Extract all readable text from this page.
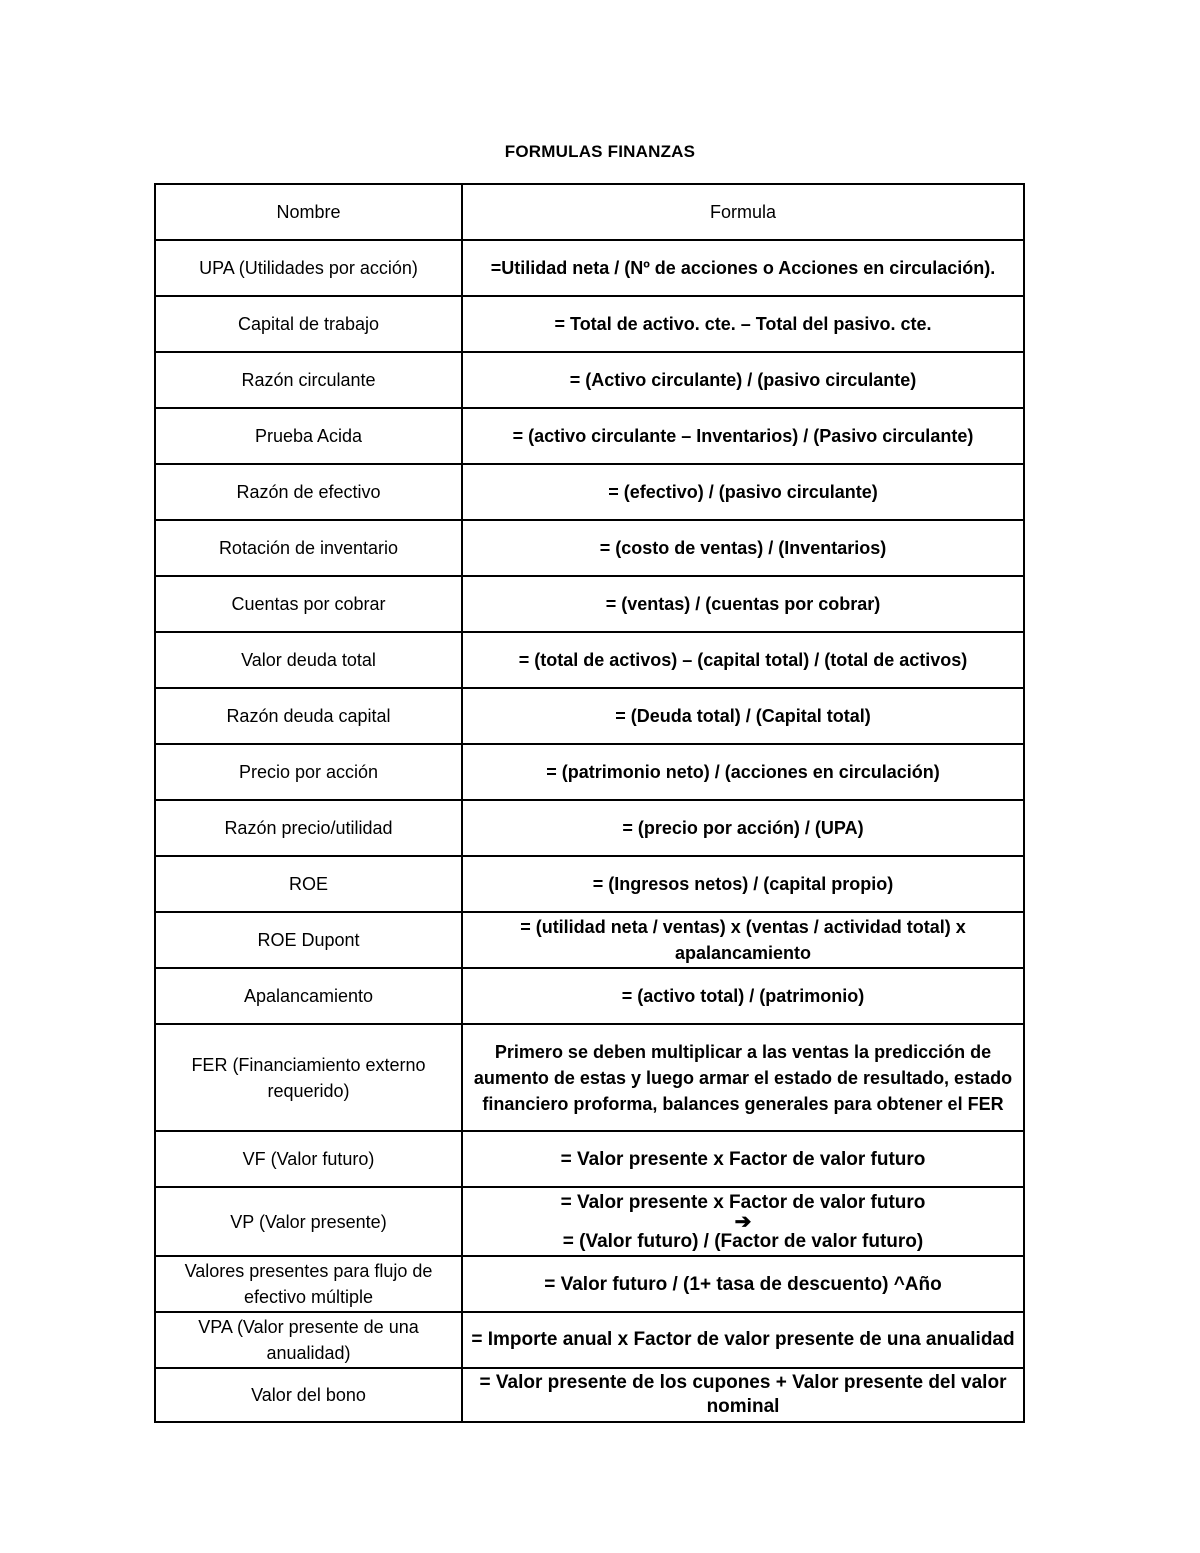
FORMULAS FINANZAS
Nombre	Formula
UPA (Utilidades por acción)	=Utilidad neta / (Nº de acciones o Acciones en circulación).
Capital de trabajo	= Total de activo. cte. – Total del pasivo. cte.
Razón circulante	= (Activo circulante) / (pasivo circulante)
Prueba Acida	= (activo circulante – Inventarios) / (Pasivo circulante)
Razón de efectivo	= (efectivo) / (pasivo circulante)
Rotación de inventario	= (costo de ventas) / (Inventarios)
Cuentas por cobrar	= (ventas) / (cuentas por cobrar)
Valor deuda total	= (total de activos) – (capital total) / (total de activos)
Razón deuda capital	= (Deuda total) / (Capital total)
Precio por acción	= (patrimonio neto) / (acciones en circulación)
Razón precio/utilidad	= (precio por acción) / (UPA)
ROE	= (Ingresos netos) / (capital propio)
ROE Dupont	= (utilidad neta / ventas) x (ventas / actividad total) x apalancamiento
Apalancamiento	= (activo total) / (patrimonio)
FER (Financiamiento externo requerido)	Primero se deben multiplicar a las ventas la predicción de aumento de estas y luego armar el estado de resultado, estado financiero proforma, balances generales para obtener el FER
VF (Valor futuro)	= Valor presente x Factor de valor futuro
VP (Valor presente)	= Valor presente x Factor de valor futuro
➔
= (Valor futuro) / (Factor de valor futuro)

Valores presentes para flujo de efectivo múltiple	= Valor futuro / (1+ tasa de descuento) ^Año
VPA (Valor presente de una anualidad)	= Importe anual x Factor de valor presente de una anualidad
Valor del bono	= Valor presente de los cupones + Valor presente del valor nominal
